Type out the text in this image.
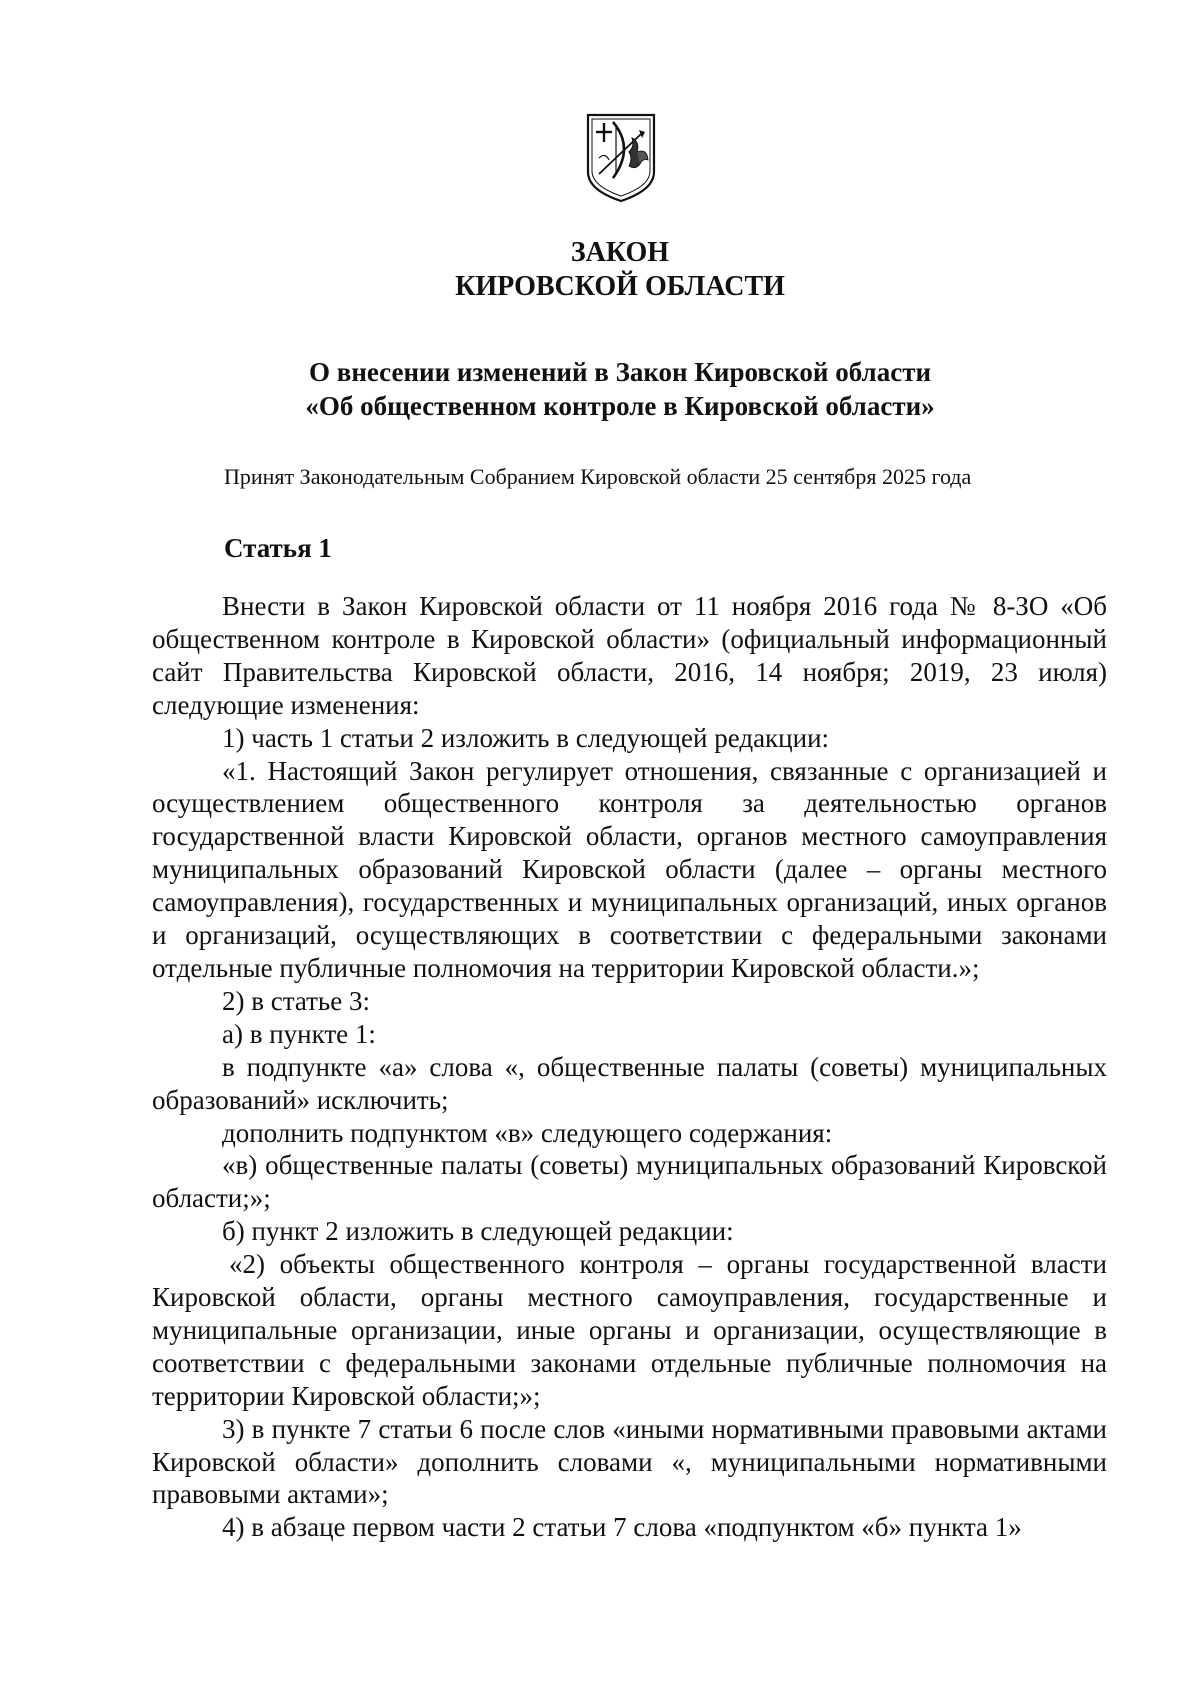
ЗАКОН
КИРОВСКОЙ ОБЛАСТИ
О внесении изменений в Закон Кировской области
«Об общественном контроле в Кировской области»
Принят Законодательным Собранием Кировской области 25 сентября 2025 года
Статья 1

Внести в Закон Кировской области от 11 ноября 2016 года № 8-ЗО «Об общественном контроле в Кировской области» (официальный информационный сайт Правительства Кировской области, 2016, 14 ноября; 2019, 23 июля) следующие изменения:

1) часть 1 статьи 2 изложить в следующей редакции:

«1. Настоящий Закон регулирует отношения, связанные с организацией и осуществлением общественного контроля за деятельностью органов государственной власти Кировской области, органов местного самоуправления муниципальных образований Кировской области (далее – органы местного самоуправления), государственных и муниципальных организаций, иных органов и организаций, осуществляющих в соответствии с федеральными законами отдельные публичные полномочия на территории Кировской области.»;

2) в статье 3:

а) в пункте 1:

в подпункте «а» слова «, общественные палаты (советы) муниципальных образований» исключить;

дополнить подпунктом «в» следующего содержания:

«в) общественные палаты (советы) муниципальных образований Кировской области;»;

б) пункт 2 изложить в следующей редакции:

«2) объекты общественного контроля – органы государственной власти Кировской области, органы местного самоуправления, государственные и муниципальные организации, иные органы и организации, осуществляющие в соответствии с федеральными законами отдельные публичные полномочия на территории Кировской области;»;

3) в пункте 7 статьи 6 после слов «иными нормативными правовыми актами Кировской области» дополнить словами «, муниципальными нормативными правовыми актами»;

4) в абзаце первом части 2 статьи 7 слова «подпунктом «б» пункта 1»
